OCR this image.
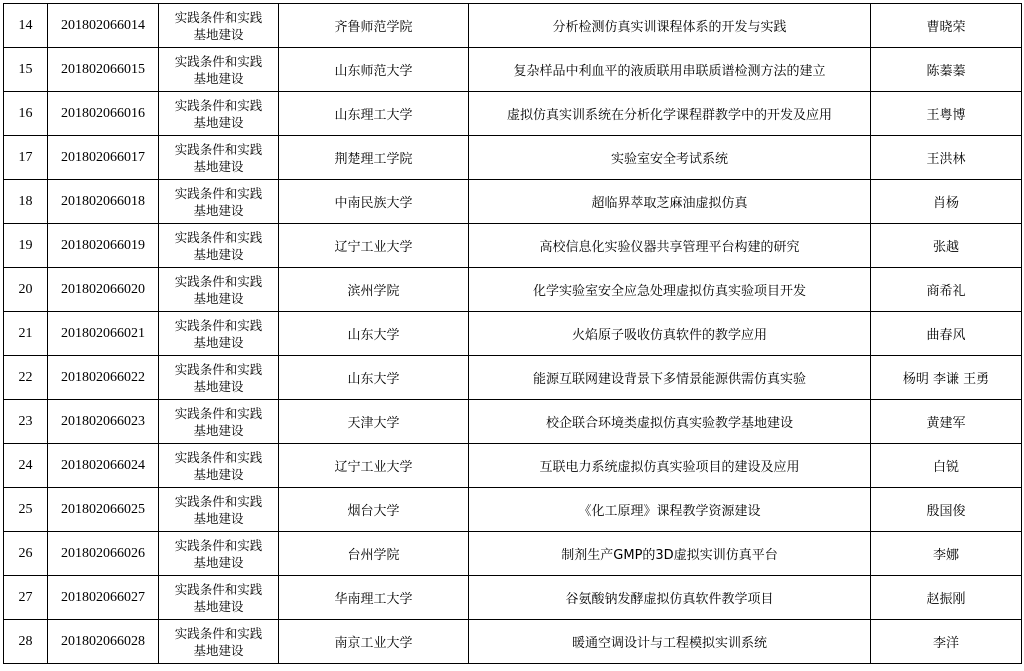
14	201802066014	实践条件和实践基地建设	齐鲁师范学院	分析检测仿真实训课程体系的开发与实践	曹晓荣
15	201802066015	实践条件和实践基地建设	山东师范大学	复杂样品中利血平的液质联用串联质谱检测方法的建立	陈蓁蓁
16	201802066016	实践条件和实践基地建设	山东理工大学	虚拟仿真实训系统在分析化学课程群教学中的开发及应用	王粤博
17	201802066017	实践条件和实践基地建设	荆楚理工学院	实验室安全考试系统	王洪林
18	201802066018	实践条件和实践基地建设	中南民族大学	超临界萃取芝麻油虚拟仿真	肖杨
19	201802066019	实践条件和实践基地建设	辽宁工业大学	高校信息化实验仪器共享管理平台构建的研究	张越
20	201802066020	实践条件和实践基地建设	滨州学院	化学实验室安全应急处理虚拟仿真实验项目开发	商希礼
21	201802066021	实践条件和实践基地建设	山东大学	火焰原子吸收仿真软件的教学应用	曲春风
22	201802066022	实践条件和实践基地建设	山东大学	能源互联网建设背景下多情景能源供需仿真实验	杨明 李谦 王勇
23	201802066023	实践条件和实践基地建设	天津大学	校企联合环境类虚拟仿真实验教学基地建设	黄建军
24	201802066024	实践条件和实践基地建设	辽宁工业大学	互联电力系统虚拟仿真实验项目的建设及应用	白锐
25	201802066025	实践条件和实践基地建设	烟台大学	《化工原理》课程教学资源建设	殷国俊
26	201802066026	实践条件和实践基地建设	台州学院	制剂生产GMP的3D虚拟实训仿真平台	李娜
27	201802066027	实践条件和实践基地建设	华南理工大学	谷氨酸钠发酵虚拟仿真软件教学项目	赵振刚
28	201802066028	实践条件和实践基地建设	南京工业大学	暖通空调设计与工程模拟实训系统	李洋
